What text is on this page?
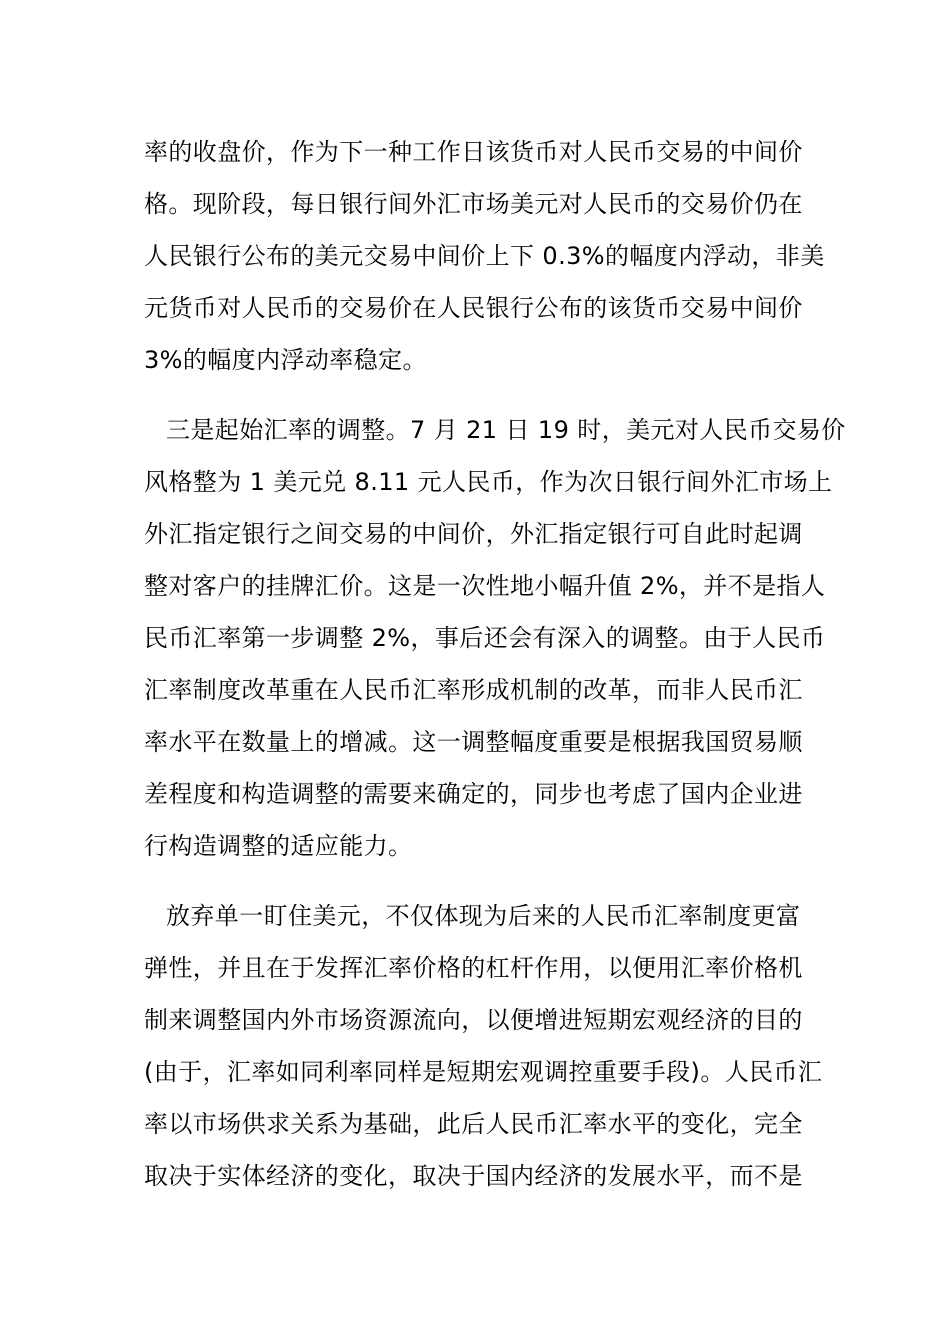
率的收盘价，作为下一种工作日该货币对人民币交易的中间价
格。现阶段，每日银行间外汇市场美元对人民币的交易价仍在
人民银行公布的美元交易中间价上下 0.3%的幅度内浮动，非美
元货币对人民币的交易价在人民银行公布的该货币交易中间价
3%的幅度内浮动率稳定。
三是起始汇率的调整。7 月 21 日 19 时，美元对人民币交易价
风格整为 1 美元兑 8.11 元人民币，作为次日银行间外汇市场上
外汇指定银行之间交易的中间价，外汇指定银行可自此时起调
整对客户的挂牌汇价。这是一次性地小幅升值 2%，并不是指人
民币汇率第一步调整 2%，事后还会有深入的调整。由于人民币
汇率制度改革重在人民币汇率形成机制的改革，而非人民币汇
率水平在数量上的增减。这一调整幅度重要是根据我国贸易顺
差程度和构造调整的需要来确定的，同步也考虑了国内企业进
行构造调整的适应能力。
放弃单一盯住美元，不仅体现为后来的人民币汇率制度更富
弹性，并且在于发挥汇率价格的杠杆作用，以便用汇率价格机
制来调整国内外市场资源流向，以便增进短期宏观经济的目的
(由于，汇率如同利率同样是短期宏观调控重要手段)。人民币汇
率以市场供求关系为基础，此后人民币汇率水平的变化，完全
取决于实体经济的变化，取决于国内经济的发展水平，而不是
